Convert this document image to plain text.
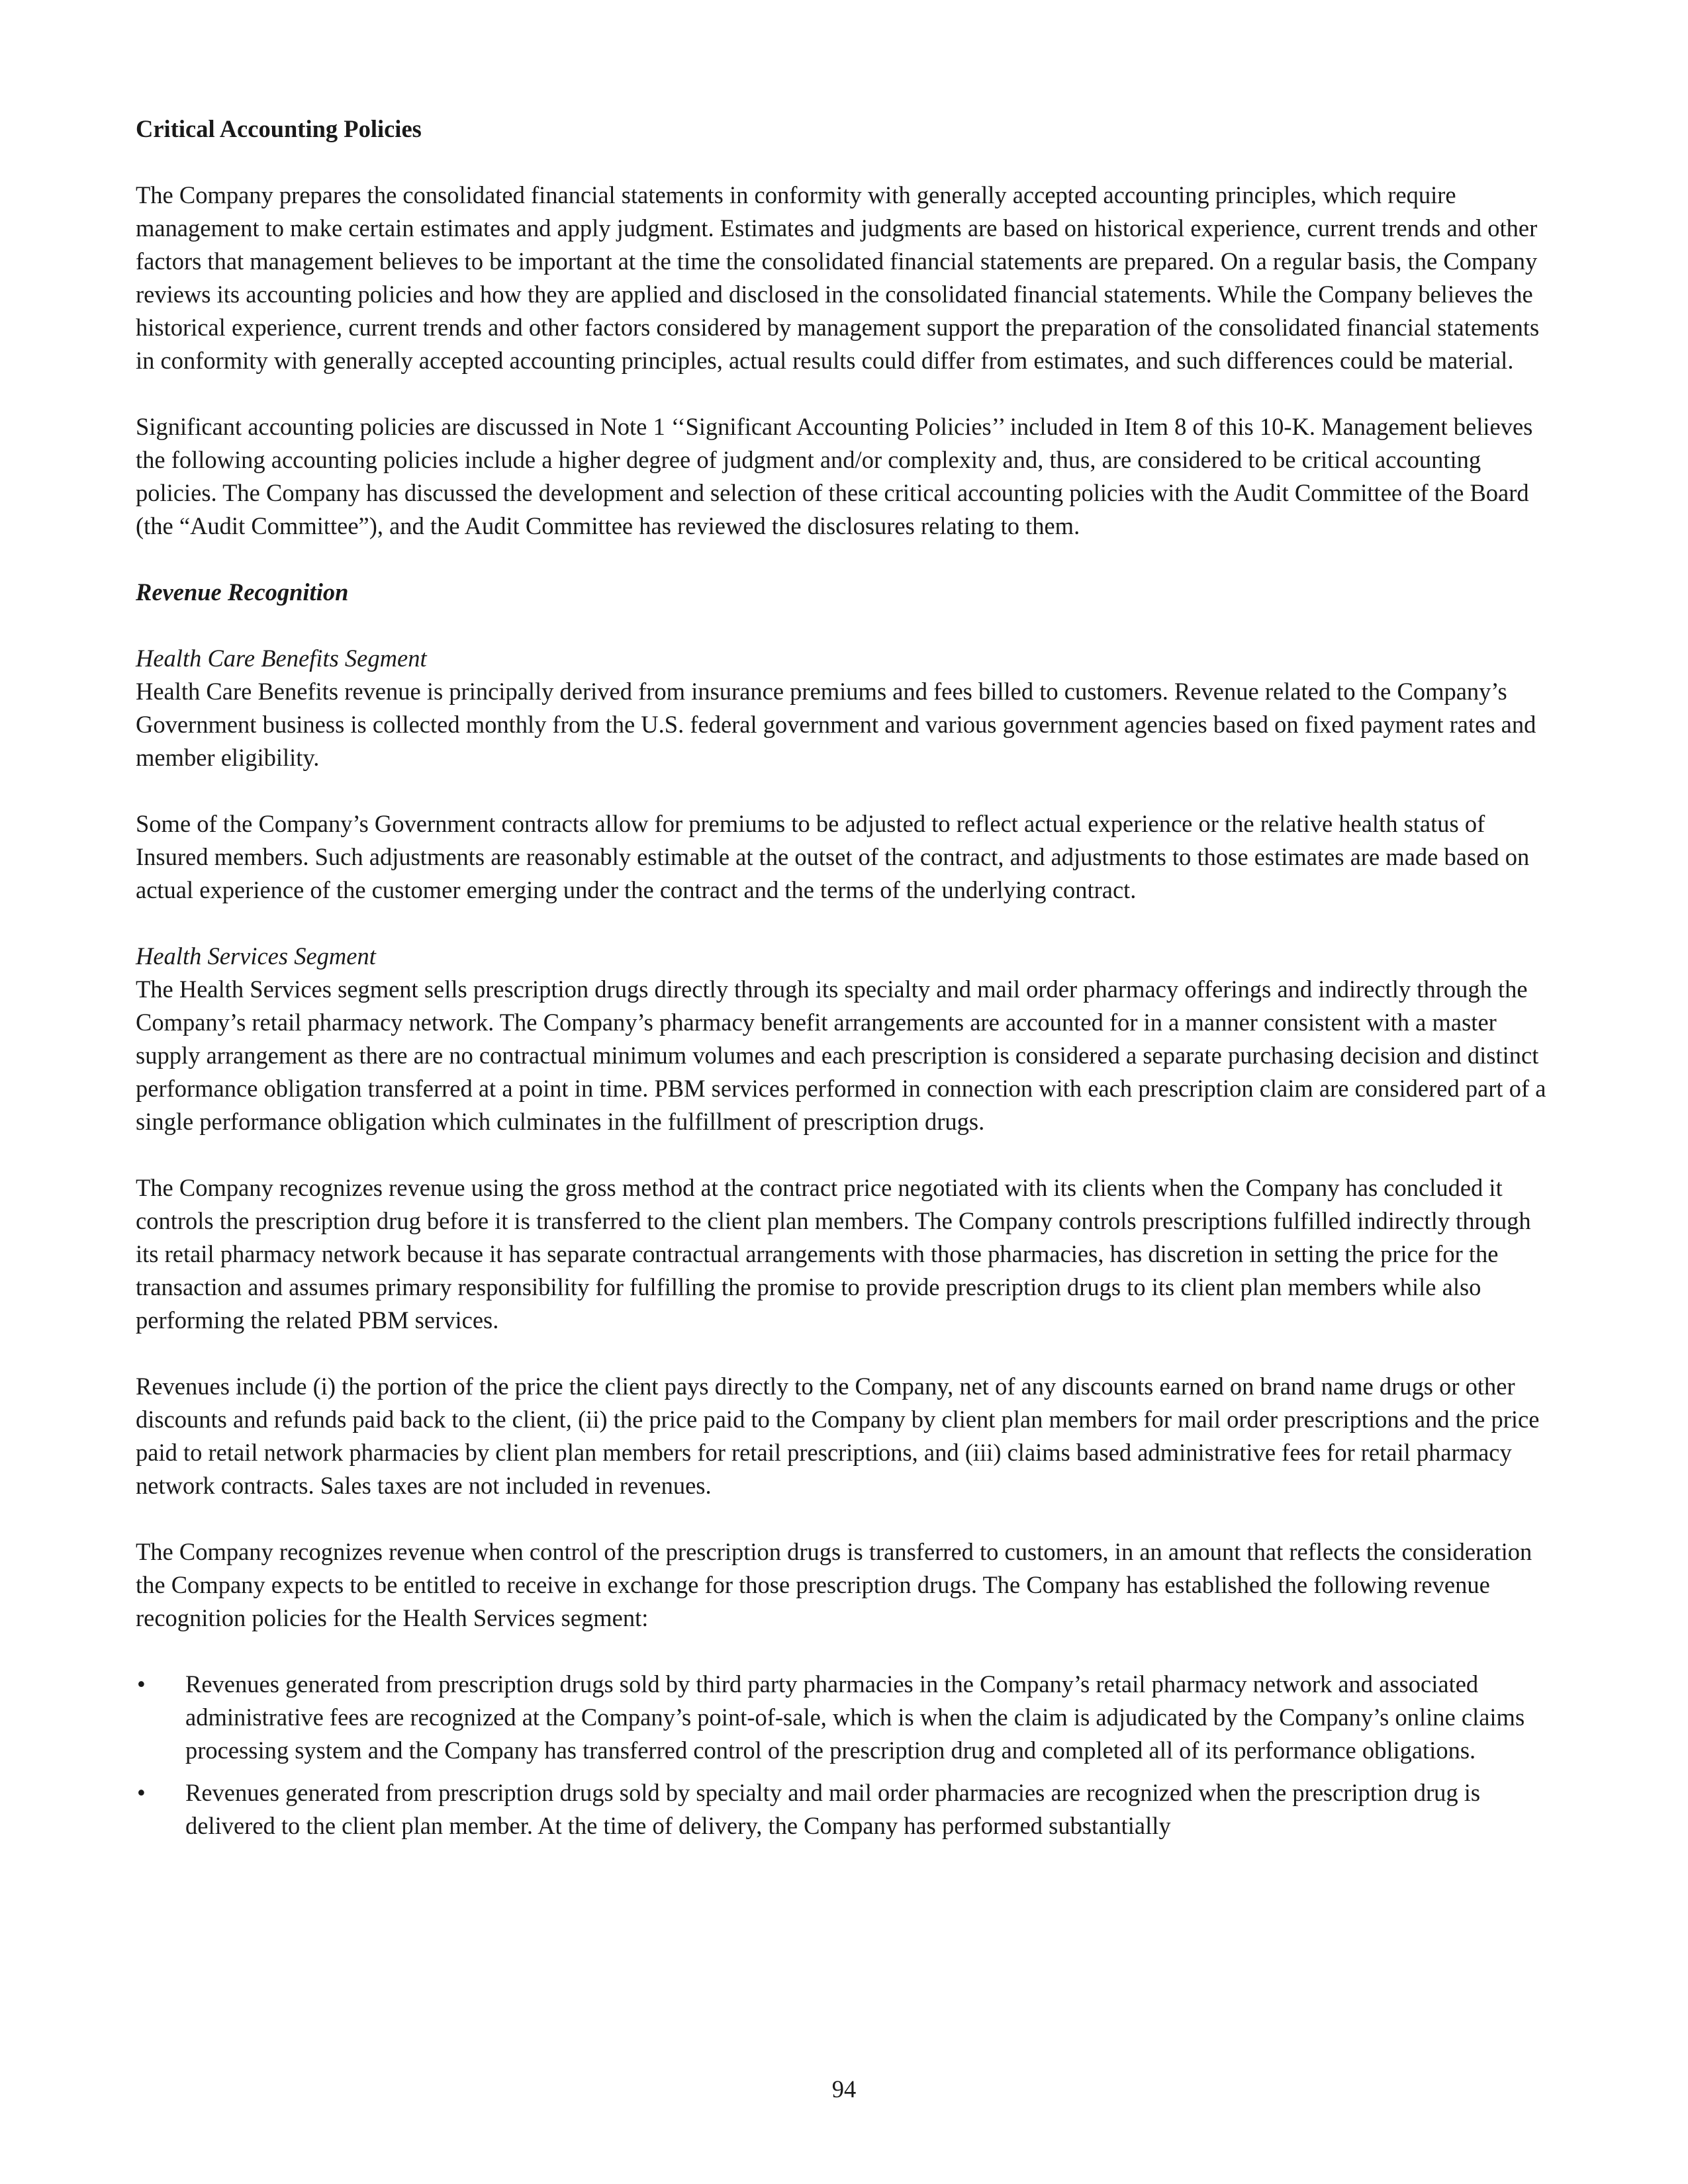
Critical Accounting Policies

The Company prepares the consolidated financial statements in conformity with generally accepted accounting principles, which require management to make certain estimates and apply judgment. Estimates and judgments are based on historical experience, current trends and other factors that management believes to be important at the time the consolidated financial statements are prepared. On a regular basis, the Company reviews its accounting policies and how they are applied and disclosed in the consolidated financial statements. While the Company believes the historical experience, current trends and other factors considered by management support the preparation of the consolidated financial statements in conformity with generally accepted accounting principles, actual results could differ from estimates, and such differences could be material.

Significant accounting policies are discussed in Note 1 ‘‘Significant Accounting Policies’’ included in Item 8 of this 10-K. Management believes the following accounting policies include a higher degree of judgment and/or complexity and, thus, are considered to be critical accounting policies. The Company has discussed the development and selection of these critical accounting policies with the Audit Committee of the Board (the “Audit Committee”), and the Audit Committee has reviewed the disclosures relating to them.

Revenue Recognition
Health Care Benefits Segment

Health Care Benefits revenue is principally derived from insurance premiums and fees billed to customers. Revenue related to the Company’s Government business is collected monthly from the U.S. federal government and various government agencies based on fixed payment rates and member eligibility.

Some of the Company’s Government contracts allow for premiums to be adjusted to reflect actual experience or the relative health status of Insured members. Such adjustments are reasonably estimable at the outset of the contract, and adjustments to those estimates are made based on actual experience of the customer emerging under the contract and the terms of the underlying contract.

Health Services Segment

The Health Services segment sells prescription drugs directly through its specialty and mail order pharmacy offerings and indirectly through the Company’s retail pharmacy network. The Company’s pharmacy benefit arrangements are accounted for in a manner consistent with a master supply arrangement as there are no contractual minimum volumes and each prescription is considered a separate purchasing decision and distinct performance obligation transferred at a point in time. PBM services performed in connection with each prescription claim are considered part of a single performance obligation which culminates in the fulfillment of prescription drugs.

The Company recognizes revenue using the gross method at the contract price negotiated with its clients when the Company has concluded it controls the prescription drug before it is transferred to the client plan members. The Company controls prescriptions fulfilled indirectly through its retail pharmacy network because it has separate contractual arrangements with those pharmacies, has discretion in setting the price for the transaction and assumes primary responsibility for fulfilling the promise to provide prescription drugs to its client plan members while also performing the related PBM services.

Revenues include (i) the portion of the price the client pays directly to the Company, net of any discounts earned on brand name drugs or other discounts and refunds paid back to the client, (ii) the price paid to the Company by client plan members for mail order prescriptions and the price paid to retail network pharmacies by client plan members for retail prescriptions, and (iii) claims based administrative fees for retail pharmacy network contracts. Sales taxes are not included in revenues.

The Company recognizes revenue when control of the prescription drugs is transferred to customers, in an amount that reflects the consideration the Company expects to be entitled to receive in exchange for those prescription drugs. The Company has established the following revenue recognition policies for the Health Services segment:

• Revenues generated from prescription drugs sold by third party pharmacies in the Company’s retail pharmacy network and associated administrative fees are recognized at the Company’s point-of-sale, which is when the claim is adjudicated by the Company’s online claims processing system and the Company has transferred control of the prescription drug and completed all of its performance obligations.
• Revenues generated from prescription drugs sold by specialty and mail order pharmacies are recognized when the prescription drug is delivered to the client plan member. At the time of delivery, the Company has performed substantially
94
